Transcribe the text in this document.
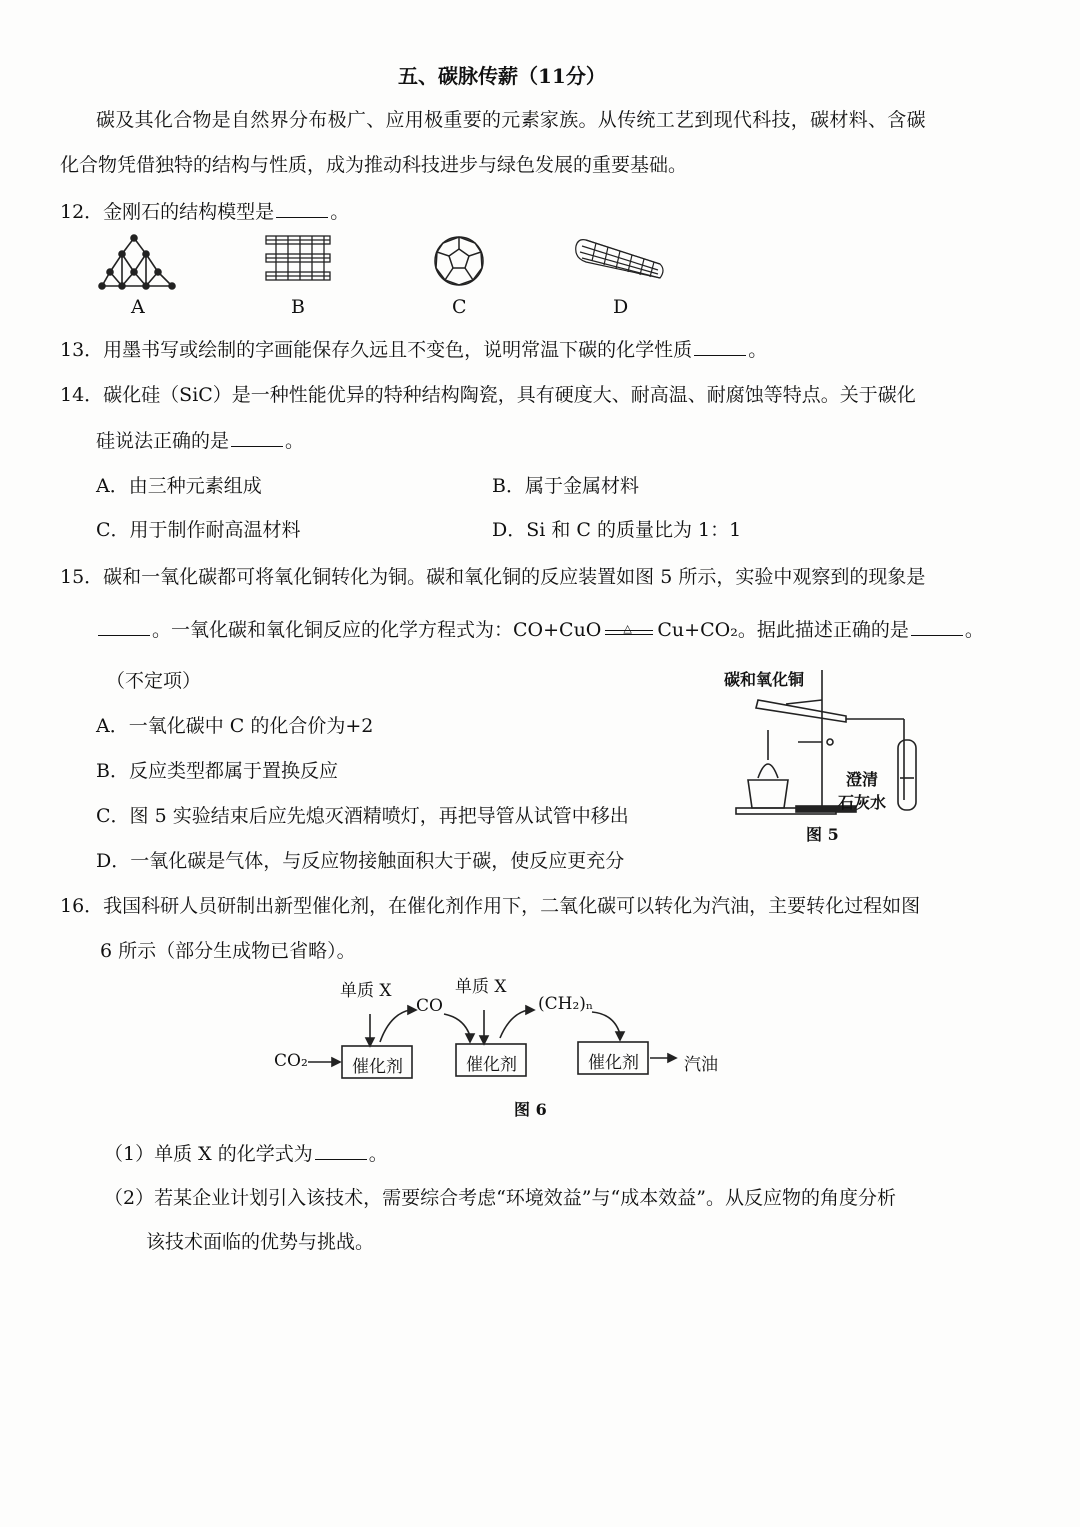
五、碳脉传薪（11分）
碳及其化合物是自然界分布极广、应用极重要的元素家族。从传统工艺到现代科技，碳材料、含碳
化合物凭借独特的结构与性质，成为推动科技进步与绿色发展的重要基础。
12．金刚石的结构模型是	。
A	B	C	D
13．用墨书写或绘制的字画能保存久远且不变色，说明常温下碳的化学性质	。
14．碳化硅（SiC）是一种性能优异的特种结构陶瓷，具有硬度大、耐高温、耐腐蚀等特点。关于碳化
硅说法正确的是	。
A．由三种元素组成	B．属于金属材料
C．用于制作耐高温材料	D．Si 和 C 的质量比为 1：1
15．碳和一氧化碳都可将氧化铜转化为铜。碳和氧化铜的反应装置如图 5 所示，实验中观察到的现象是
。一氧化碳和氧化铜反应的化学方程式为：CO+CuO △ Cu+CO₂。据此描述正确的是	。
（不定项）
A．一氧化碳中 C 的化合价为+2
B．反应类型都属于置换反应
C．图 5 实验结束后应先熄灭酒精喷灯，再把导管从试管中移出
D．一氧化碳是气体，与反应物接触面积大于碳，使反应更充分
碳和氧化铜
澄清
石灰水
图 5
16．我国科研人员研制出新型催化剂，在催化剂作用下，二氧化碳可以转化为汽油，主要转化过程如图
6 所示（部分生成物已省略）。
CO₂
单质 X	单质 X
CO	(CH₂)ₙ
催化剂	催化剂	催化剂	汽油
图 6
（1）单质 X 的化学式为	。
（2）若某企业计划引入该技术，需要综合考虑“环境效益”与“成本效益”。从反应物的角度分析
该技术面临的优势与挑战。
